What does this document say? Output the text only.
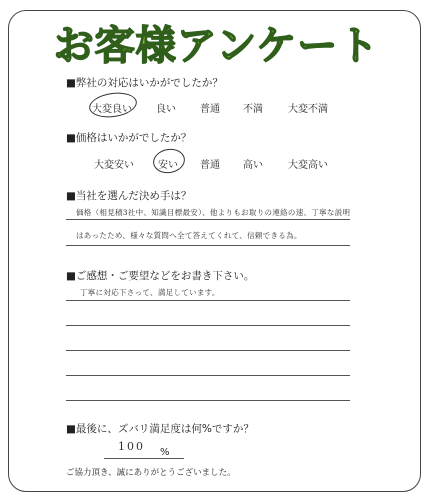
お客様アンケート
■弊社の対応はいかがでしたか？
大変良い 良い 普通 不満	大変不満
■価格はいかがでしたか？
大変安い 安い 普通 高い	大変高い
■当社を選んだ決め手は？
価格（相見積3社中、知識目標最安）、他よりもお取りの連絡の速、丁寧な説明
はあったため、様々な質問へ全て答えてくれて、信頼できる為。
■ご感想・ご要望などをお書き下さい。
丁寧に対応下さって、満足しています。
■最後に、ズバリ満足度は何%ですか？
100 %
ご協力頂き、誠にありがとうございました。
